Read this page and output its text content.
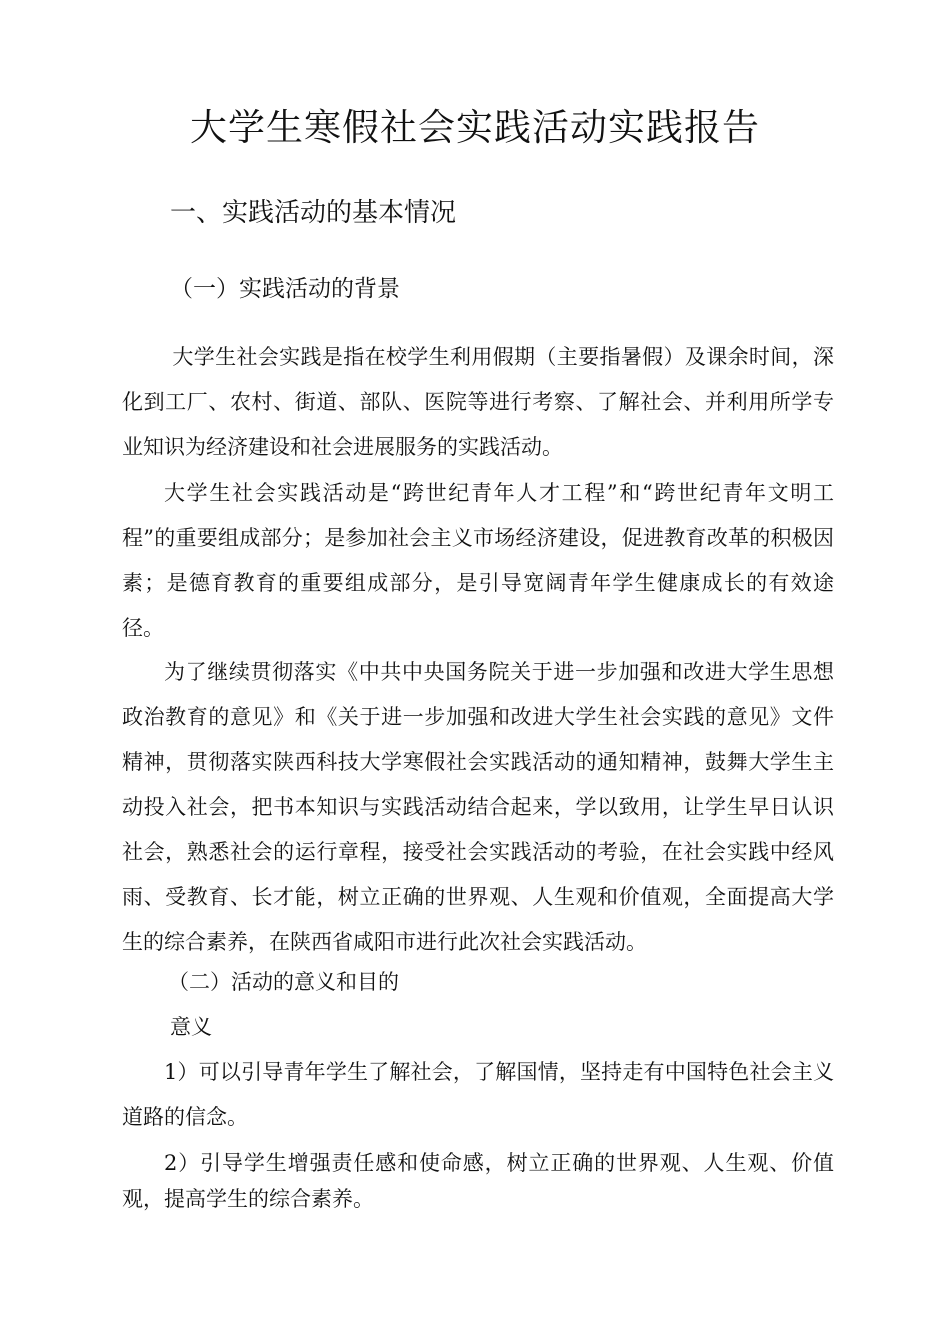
大学生寒假社会实践活动实践报告
一、实践活动的基本情况
（一）实践活动的背景

大学生社会实践是指在校学生利用假期（主要指暑假）及课余时间，深化到工厂、农村、街道、部队、医院等进行考察、了解社会、并利用所学专业知识为经济建设和社会进展服务的实践活动。

大学生社会实践活动是“跨世纪青年人才工程”和“跨世纪青年文明工程”的重要组成部分；是参加社会主义市场经济建设，促进教育改革的积极因素；是德育教育的重要组成部分，是引导宽阔青年学生健康成长的有效途径。

为了继续贯彻落实《中共中央国务院关于进一步加强和改进大学生思想政治教育的意见》和《关于进一步加强和改进大学生社会实践的意见》文件精神，贯彻落实陕西科技大学寒假社会实践活动的通知精神，鼓舞大学生主动投入社会，把书本知识与实践活动结合起来，学以致用，让学生早日认识社会，熟悉社会的运行章程，接受社会实践活动的考验，在社会实践中经风雨、受教育、长才能，树立正确的世界观、人生观和价值观，全面提高大学生的综合素养，在陕西省咸阳市进行此次社会实践活动。

（二）活动的意义和目的

意义

1）可以引导青年学生了解社会，了解国情，坚持走有中国特色社会主义道路的信念。

2）引导学生增强责任感和使命感，树立正确的世界观、人生观、价值观，提高学生的综合素养。
